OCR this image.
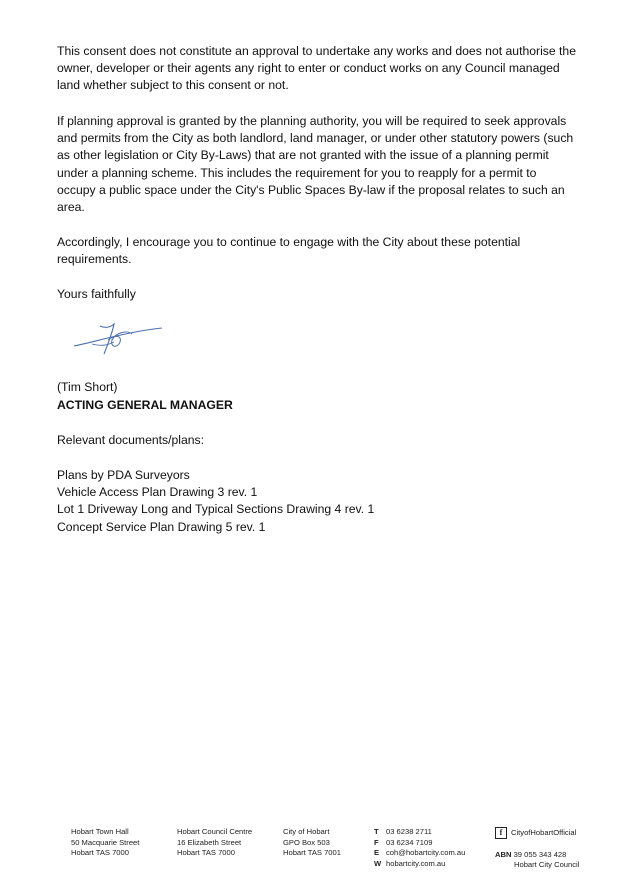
This consent does not constitute an approval to undertake any works and does not authorise the owner, developer or their agents any right to enter or conduct works on any Council managed land whether subject to this consent or not.
If planning approval is granted by the planning authority, you will be required to seek approvals and permits from the City as both landlord, land manager, or under other statutory powers (such as other legislation or City By-Laws) that are not granted with the issue of a planning permit under a planning scheme. This includes the requirement for you to reapply for a permit to occupy a public space under the City's Public Spaces By-law if the proposal relates to such an area.
Accordingly, I encourage you to continue to engage with the City about these potential requirements.
Yours faithfully
(Tim Short)
ACTING GENERAL MANAGER
Relevant documents/plans:
Plans by PDA Surveyors
Vehicle Access Plan Drawing 3 rev. 1
Lot 1 Driveway Long and Typical Sections Drawing 4 rev. 1
Concept Service Plan Drawing 5 rev. 1
Hobart Town Hall
50 Macquarie Street
Hobart TAS 7000
Hobart Council Centre
16 Elizabeth Street
Hobart TAS 7000
City of Hobart
GPO Box 503
Hobart TAS 7001
T 03 6238 2711
F 03 6234 7109
E coh@hobartcity.com.au
W hobartcity.com.au
f	CityofHobartOfficial

ABN 39 055 343 428
Hobart City Council
